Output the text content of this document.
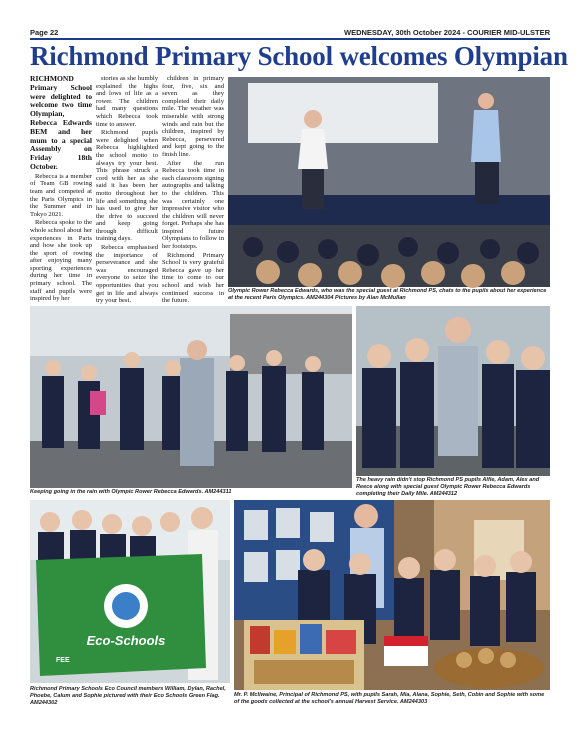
Page 22	WEDNESDAY, 30th October 2024 - COURIER MID-ULSTER
Richmond Primary School welcomes Olympian

RICHMOND Primary School were delighted to welcome two time Olympian, Rebecca Edwards BEM and her mum to a special Assembly on Friday 18th October.

Rebecca is a member of Team GB rowing team and competed at the Paris Olympics in the Summer and in Tokyo 2021.

Rebecca spoke to the whole school about her experiences in Paris and how she took up the sport of rowing after enjoying many sporting experiences during her time in primary school. The staff and pupils were inspired by her

stories as she humbly explained the highs and lows of life as a rower. The children had many questions which Rebecca took time to answer.

Richmond pupils were delighted when Rebecca highlighted the school motto to always try your best. This phrase struck a cord with her as she said it has been her motto throughout her life and something she has used to give her the drive to succeed and keep going through difficult training days.

Rebecca emphasised the importance of perseverance and she was encouraged everyone to seize the opportunities that you get in life and always try your best.

children in primary four, five, six and seven as they completed their daily mile. The weather was miserable with strong winds and rain but the children, inspired by Rebecca, persevered and kept going to the finish line.

After the run Rebecca took time in each classroom signing autographs and talking to the children. This was certainly one impressive visitor who the children will never forget. Perhaps she has inspired future Olympians to follow in her footsteps.

Richmond Primary School is very grateful Rebecca gave up her time to come to our school and wish her continued success in the future.

Olympic Rower Rebecca Edwards, who was the special guest at Richmond PS, chats to the pupils about her experience at the recent Paris Olympics. AM244304 Pictures by Alan McMullan

Keeping going in the rain with Olympic Rower Rebecca Edwards. AM244311

The heavy rain didn't stop Richmond PS pupils Alfie, Adam, Alex and Reece along with special guest Olympic Rower Rebecca Edwards completing their Daily Mile. AM244312

Eco-Schools
FEE

Richmond Primary Schools Eco Council members William, Dylan, Rachel, Phoebe, Calum and Sophie pictured with their Eco Schools Green Flag. AM244302

Mr. P. McIlwaine, Principal of Richmond PS, with pupils Sarah, Mia, Alana, Sophie, Seth, Cobin and Sophie with some of the goods collected at the school's annual Harvest Service. AM244303
